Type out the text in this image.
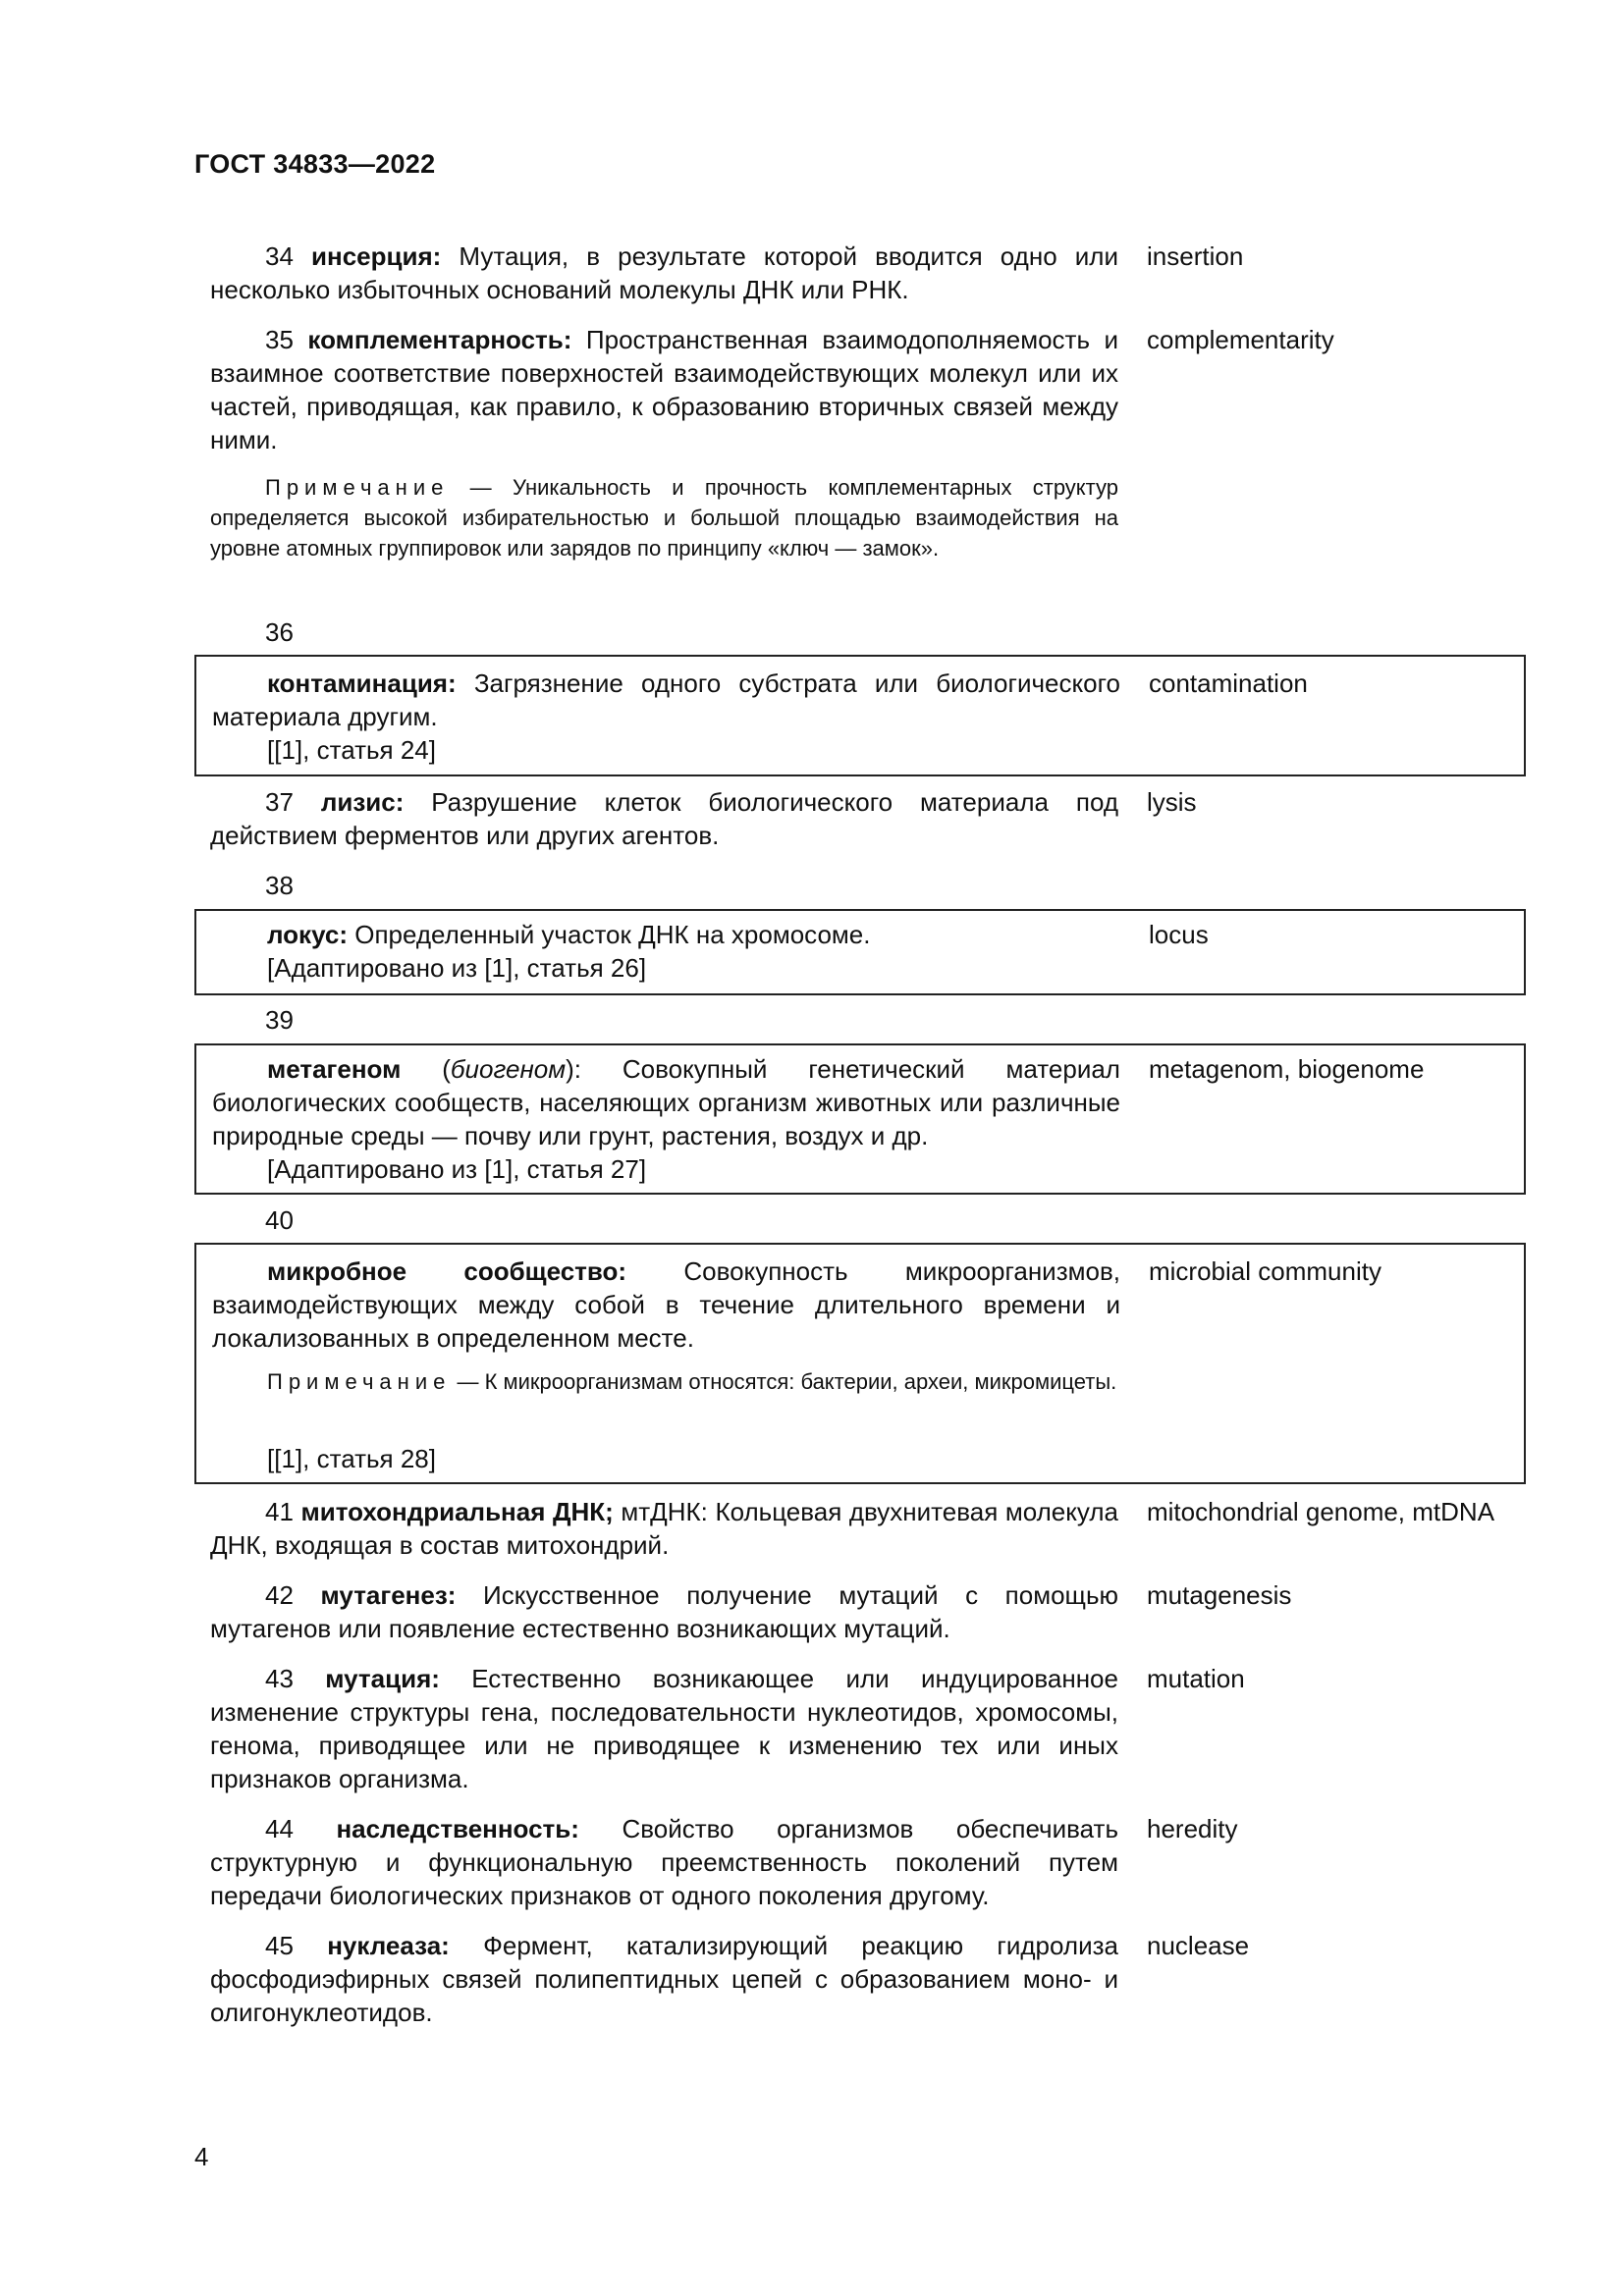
ГОСТ 34833—2022

34 инсерция: Мутация, в результате которой вводится одно или несколько избыточных оснований молекулы ДНК или РНК.

insertion

35 комплементарность: Пространственная взаимодополняемость и взаимное соответствие поверхностей взаимодействующих молекул или их частей, приводящая, как правило, к образованию вторичных связей между ними.

complementarity

Примечание — Уникальность и прочность комплементарных структур определяется высокой избирательностью и большой площадью взаимодействия на уровне атомных группировок или зарядов по принципу «ключ — замок».

36

контаминация: Загрязнение одного субстрата или биологического материала другим.

[[1], статья 24]
contamination

37 лизис: Разрушение клеток биологического материала под действием ферментов или других агентов.

lysis
38

локус: Определенный участок ДНК на хромосоме.

[Адаптировано из [1], статья 26]
locus
39

метагеном (биогеном): Совокупный генетический материал биологических сообществ, населяющих организм животных или различные природные среды — почву или грунт, растения, воздух и др.

[Адаптировано из [1], статья 27]
metagenom, biogenome
40

микробное сообщество: Совокупность микроорганизмов, взаимодействующих между собой в течение длительного времени и локализованных в определенном месте.

Примечание — К микроорганизмам относятся: бактерии, археи, микромицеты.

[[1], статья 28]
microbial community

41 митохондриальная ДНК; мтДНК: Кольцевая двухнитевая молекула ДНК, входящая в состав митохондрий.

mitochondrial genome, mtDNA

42 мутагенез: Искусственное получение мутаций с помощью мутагенов или появление естественно возникающих мутаций.

mutagenesis

43 мутация: Естественно возникающее или индуцированное изменение структуры гена, последовательности нуклеотидов, хромосомы, генома, приводящее или не приводящее к изменению тех или иных признаков организма.

mutation

44 наследственность: Свойство организмов обеспечивать структурную и функциональную преемственность поколений путем передачи биологических признаков от одного поколения другому.

heredity

45 нуклеаза: Фермент, катализирующий реакцию гидролиза фосфодиэфирных связей полипептидных цепей с образованием моно- и олигонуклеотидов.

nuclease
4
